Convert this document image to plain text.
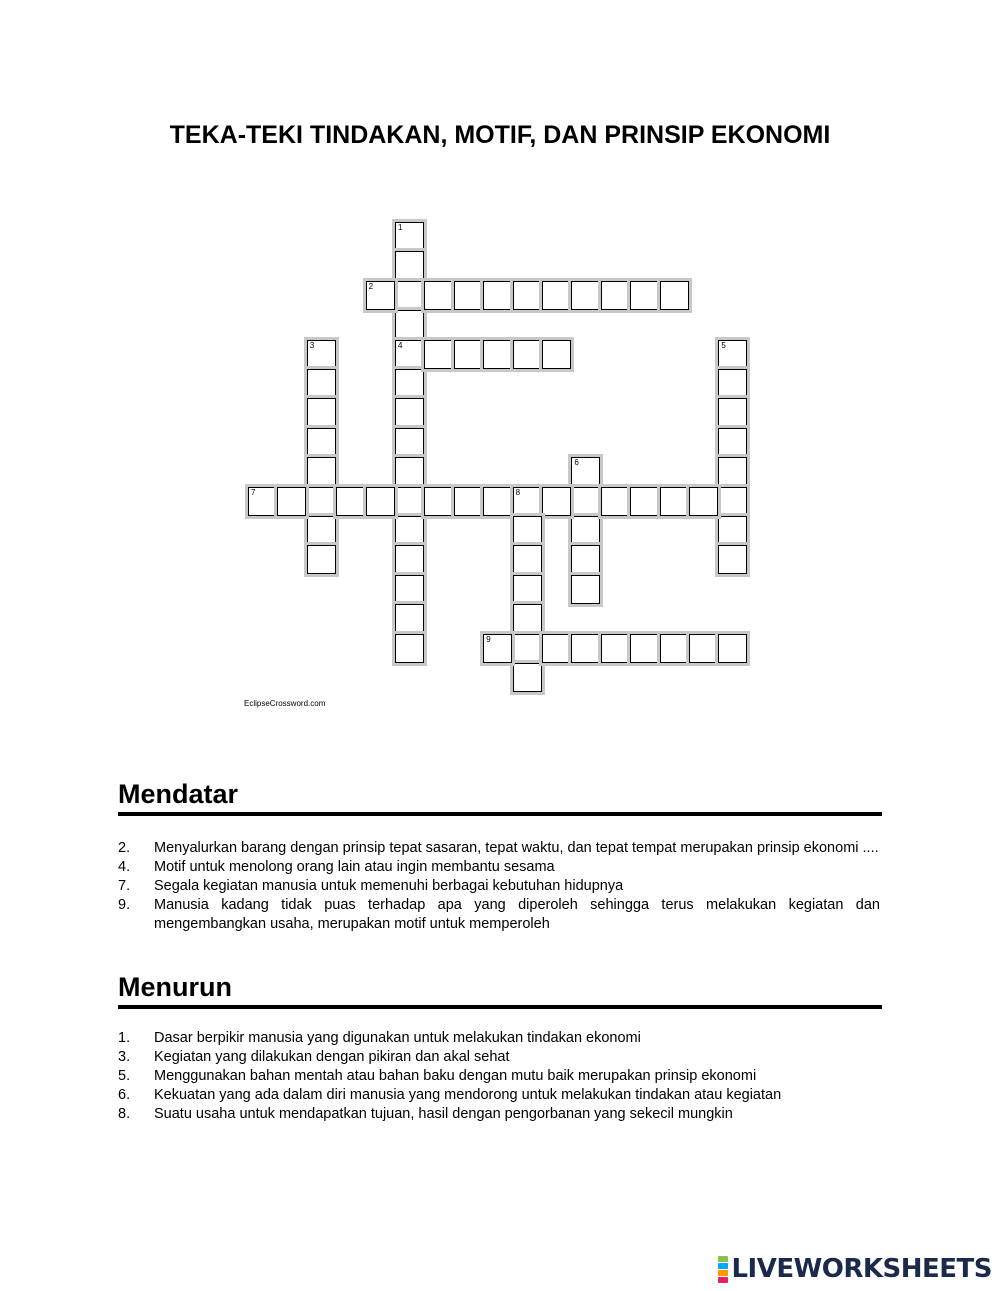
TEKA-TEKI TINDAKAN, MOTIF, DAN PRINSIP EKONOMI
1
4
2
3	5
6
7	8
9
EclipseCrossword.com
Mendatar
2.	Menyalurkan barang dengan prinsip tepat sasaran, tepat waktu, dan tepat tempat merupakan prinsip ekonomi ....
4.	Motif untuk menolong orang lain atau ingin membantu sesama
7.	Segala kegiatan manusia untuk memenuhi berbagai kebutuhan hidupnya
9.	Manusia kadang tidak puas terhadap apa yang diperoleh sehingga terus melakukan kegiatan dan mengembangkan usaha, merupakan motif untuk memperoleh
Menurun
1.	Dasar berpikir manusia yang digunakan untuk melakukan tindakan ekonomi
3.	Kegiatan yang dilakukan dengan pikiran dan akal sehat
5.	Menggunakan bahan mentah atau bahan baku dengan mutu baik merupakan prinsip ekonomi
6.	Kekuatan yang ada dalam diri manusia yang mendorong untuk melakukan tindakan atau kegiatan
8.	Suatu usaha untuk mendapatkan tujuan, hasil dengan pengorbanan yang sekecil mungkin
LIVEWORKSHEETS
